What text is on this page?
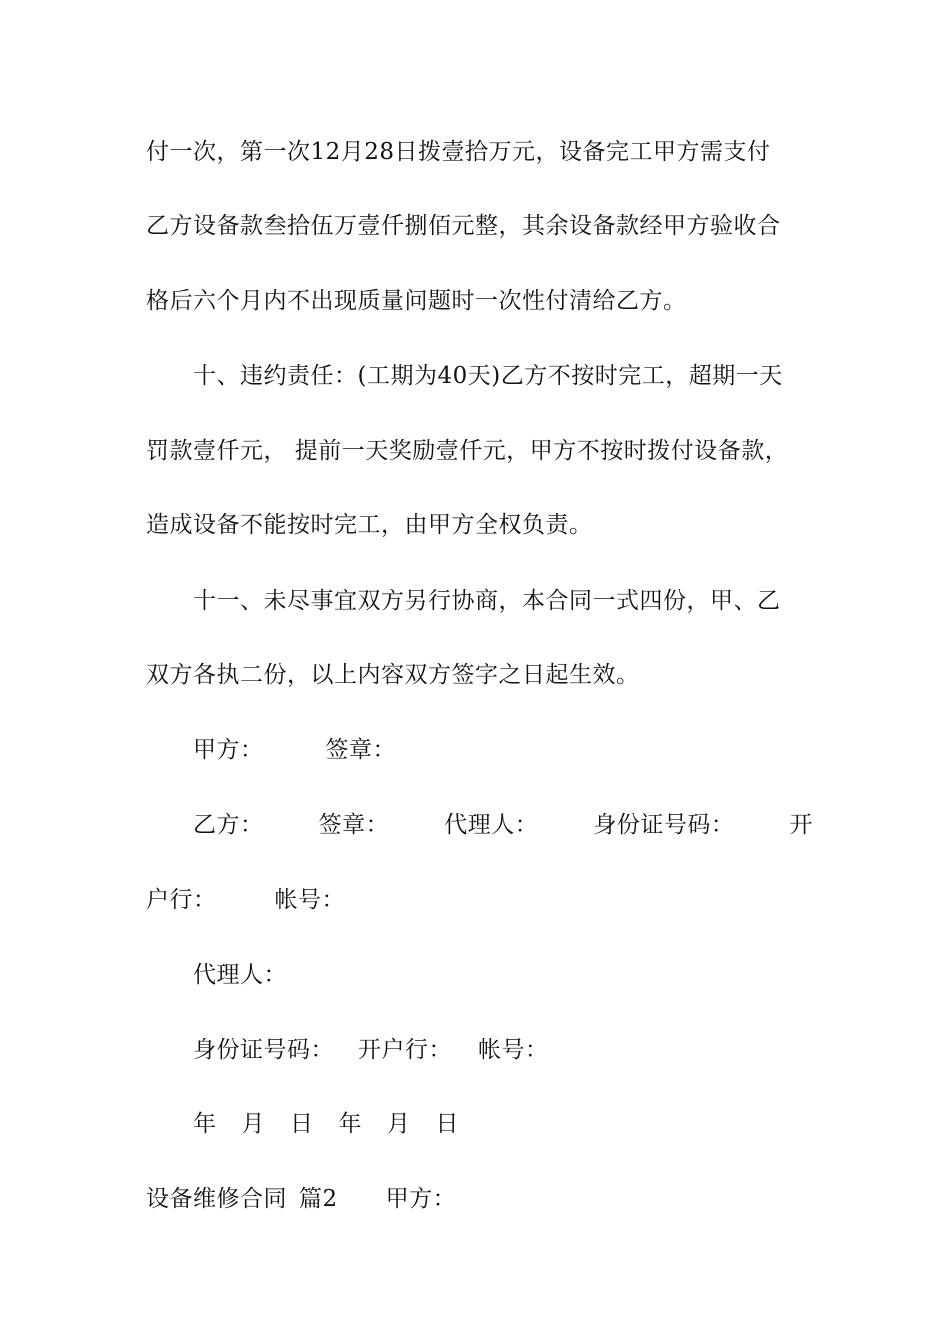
付一次，第一次12月28日拨壹拾万元，设备完工甲方需支付
乙方设备款叁拾伍万壹仟捌佰元整，其余设备款经甲方验收合
格后六个月内不出现质量问题时一次性付清给乙方。
十、违约责任：(工期为40天)乙方不按时完工，超期一天
罚款壹仟元， 提前一天奖励壹仟元，甲方不按时拨付设备款，
造成设备不能按时完工，由甲方全权负责。
十一、未尽事宜双方另行协商，本合同一式四份，甲、乙
双方各执二份，以上内容双方签字之日起生效。
甲方：	签章：
乙方： 签章： 代理人： 身份证号码： 开
户行：	帐号：
代理人：
身份证号码： 开户行： 帐号：
年 月 日 年 月 日
设备维修合同 篇2 甲方：
